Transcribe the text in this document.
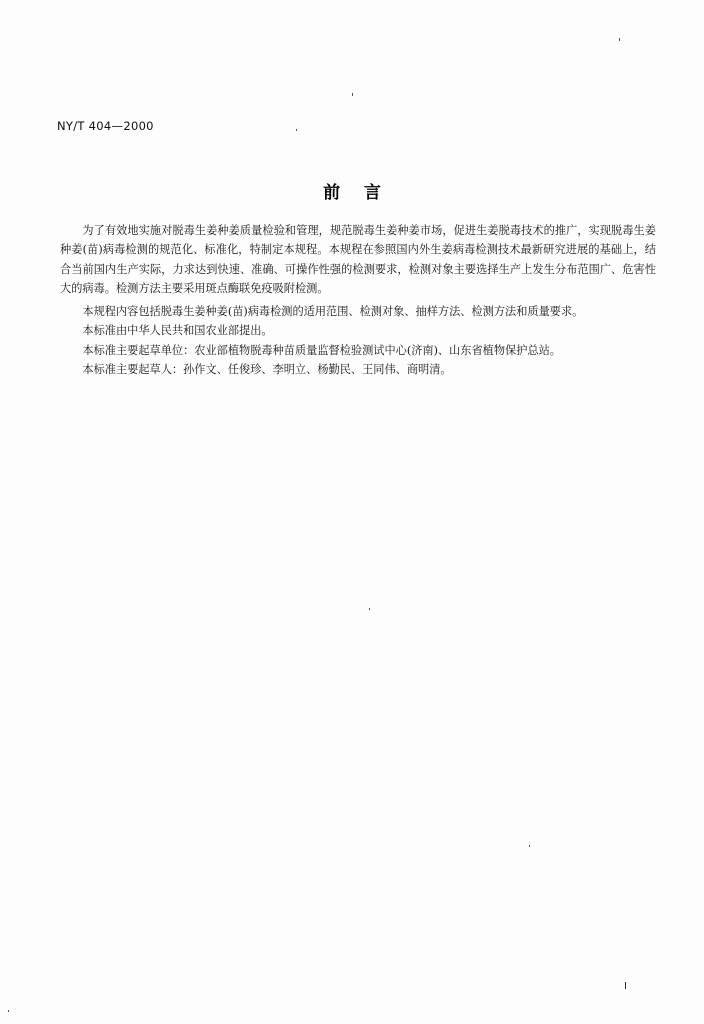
NY/T 404—2000
前    言

为了有效地实施对脱毒生姜种姜质量检验和管理，规范脱毒生姜种姜市场，促进生姜脱毒技术的推广，实现脱毒生姜种姜(苗)病毒检测的规范化、标准化，特制定本规程。本规程在参照国内外生姜病毒检测技术最新研究进展的基础上，结合当前国内生产实际，力求达到快速、准确、可操作性强的检测要求，检测对象主要选择生产上发生分布范围广、危害性大的病毒。检测方法主要采用斑点酶联免疫吸附检测。

本规程内容包括脱毒生姜种姜(苗)病毒检测的适用范围、检测对象、抽样方法、检测方法和质量要求。

本标准由中华人民共和国农业部提出。

本标准主要起草单位：农业部植物脱毒种苗质量监督检验测试中心(济南)、山东省植物保护总站。

本标准主要起草人：孙作文、任俊珍、李明立、杨勤民、王同伟、商明清。

I
